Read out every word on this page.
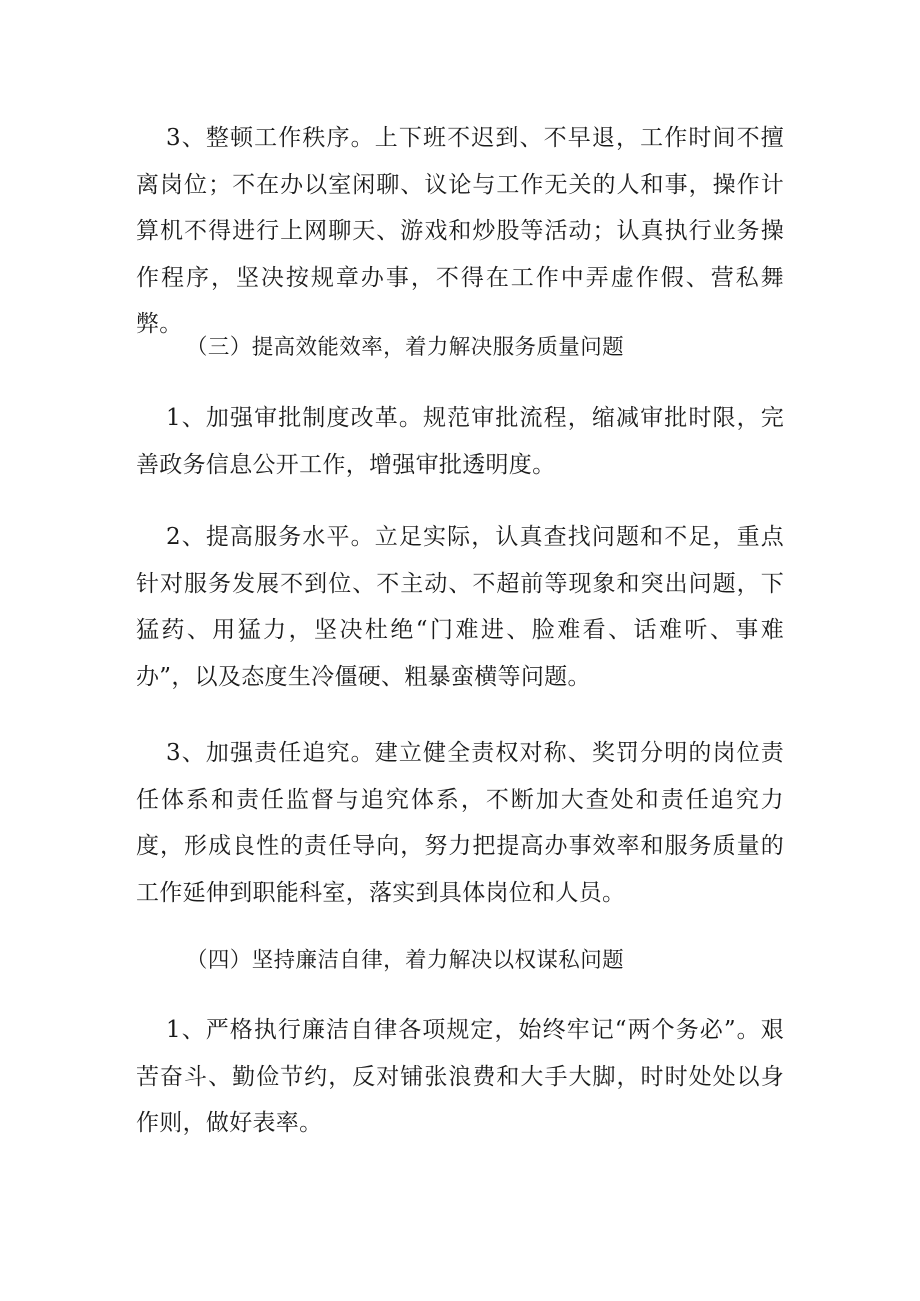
3、整顿工作秩序。上下班不迟到、不早退，工作时间不擅离岗位；不在办以室闲聊、议论与工作无关的人和事，操作计算机不得进行上网聊天、游戏和炒股等活动；认真执行业务操作程序，坚决按规章办事，不得在工作中弄虚作假、营私舞弊。

（三）提高效能效率，着力解决服务质量问题

1、加强审批制度改革。规范审批流程，缩减审批时限，完善政务信息公开工作，增强审批透明度。

2、提高服务水平。立足实际，认真查找问题和不足，重点针对服务发展不到位、不主动、不超前等现象和突出问题，下猛药、用猛力，坚决杜绝“门难进、脸难看、话难听、事难办”，以及态度生冷僵硬、粗暴蛮横等问题。

3、加强责任追究。建立健全责权对称、奖罚分明的岗位责任体系和责任监督与追究体系，不断加大查处和责任追究力度，形成良性的责任导向，努力把提高办事效率和服务质量的工作延伸到职能科室，落实到具体岗位和人员。

（四）坚持廉洁自律，着力解决以权谋私问题

1、严格执行廉洁自律各项规定，始终牢记“两个务必”。艰苦奋斗、勤俭节约，反对铺张浪费和大手大脚，时时处处以身作则，做好表率。
